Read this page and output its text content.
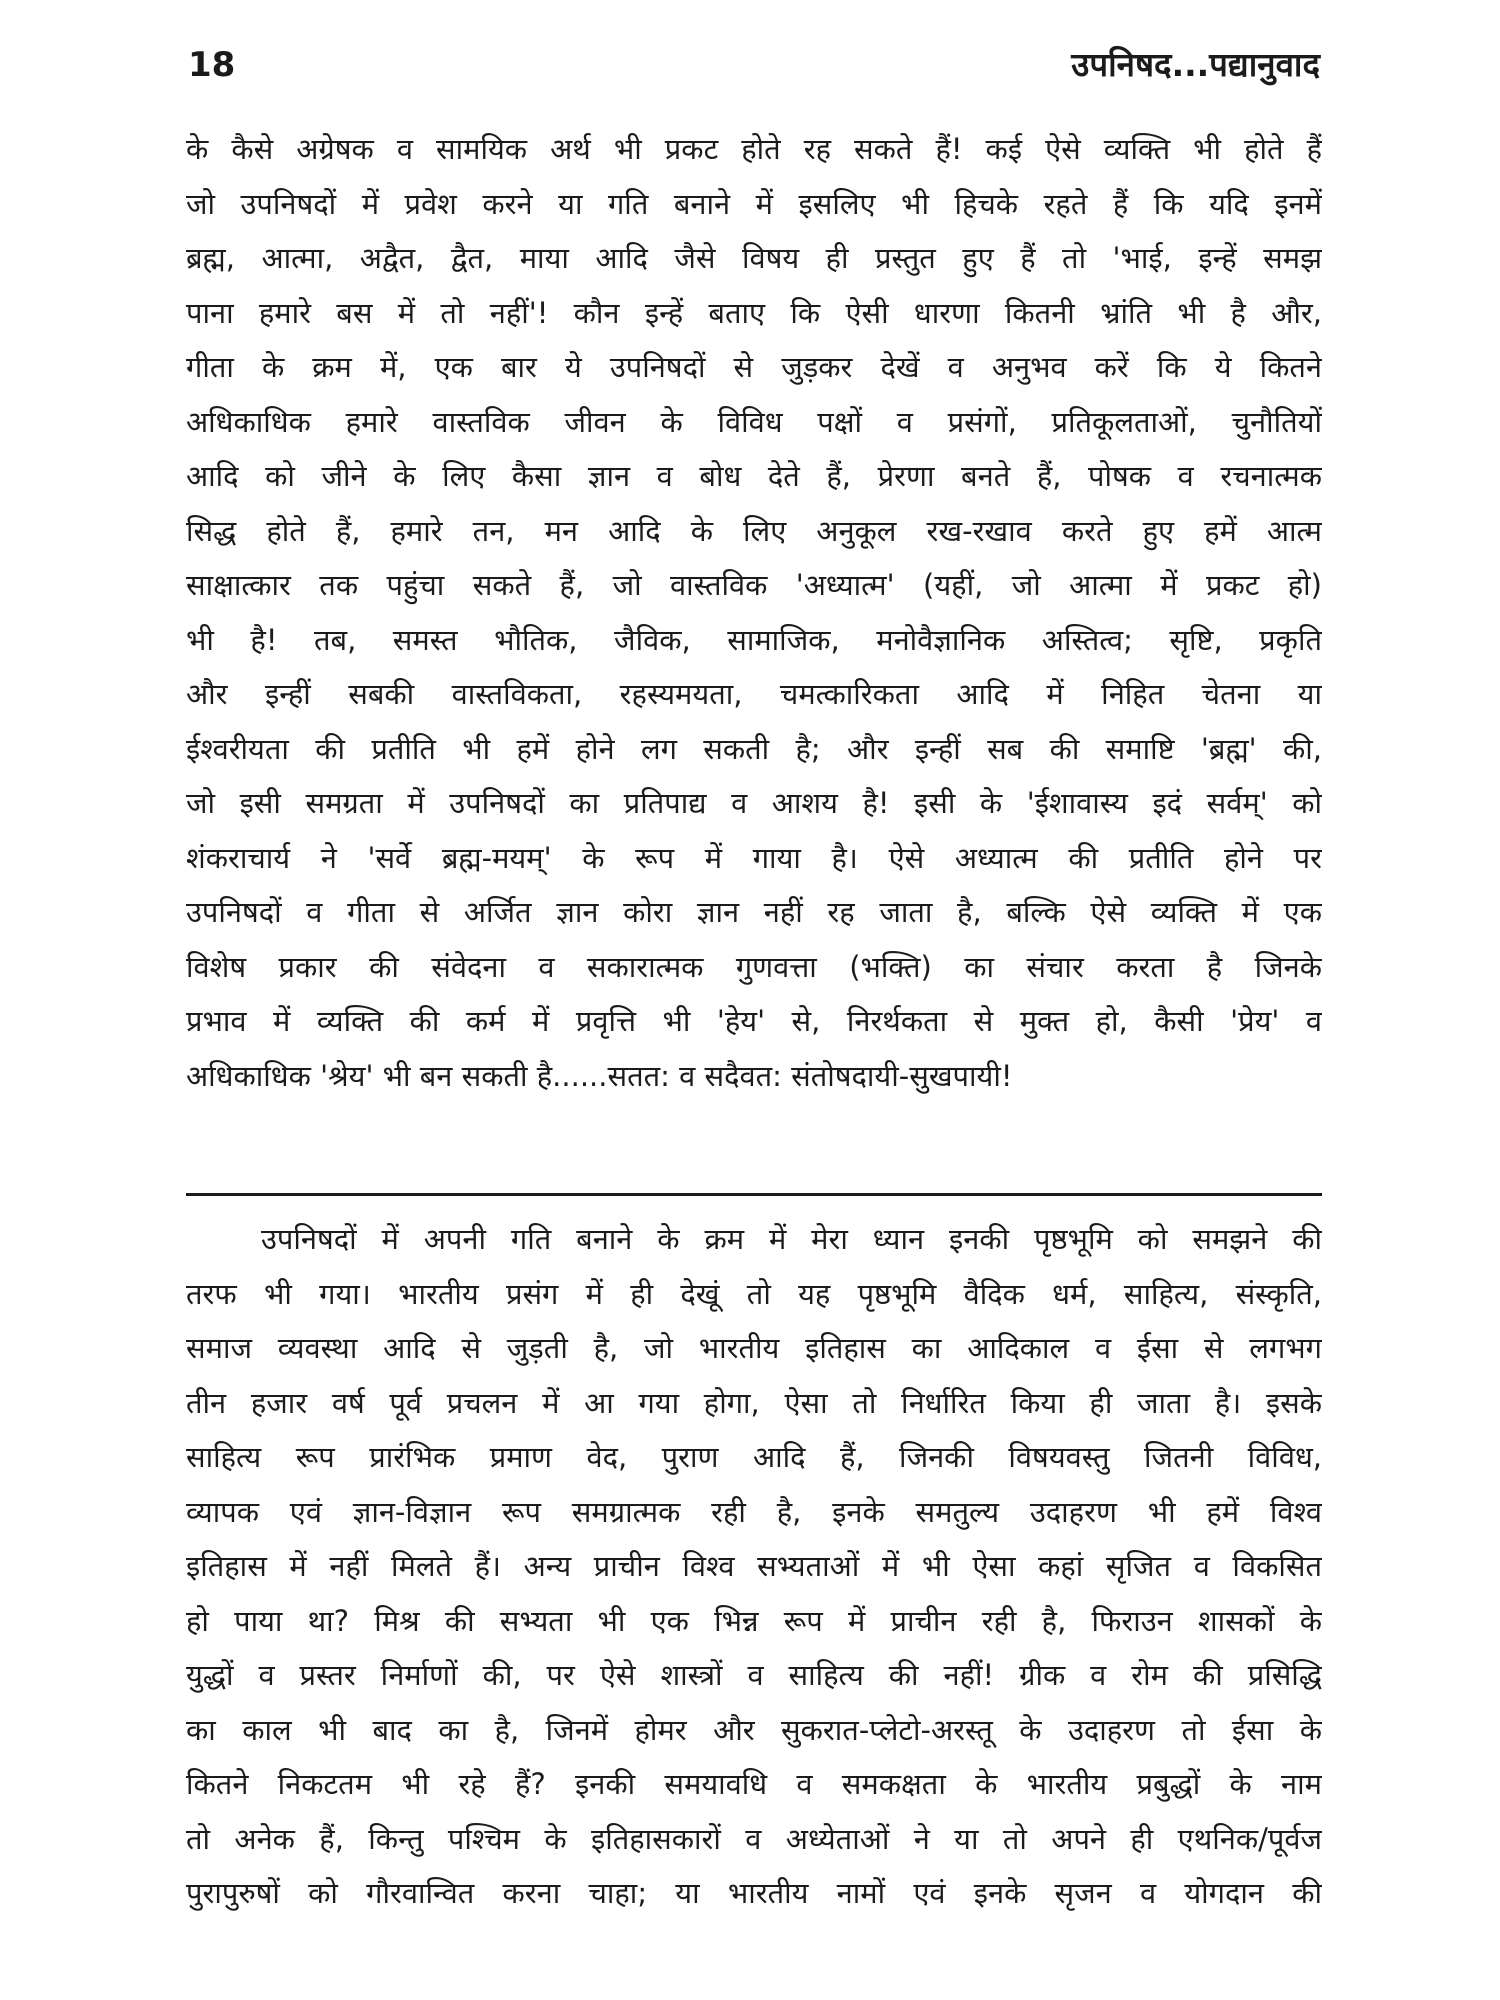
18	उपनिषद...पद्यानुवाद
के कैसे अग्रेषक व सामयिक अर्थ भी प्रकट होते रह सकते हैं! कई ऐसे व्यक्ति भी होते हैं
जो उपनिषदों में प्रवेश करने या गति बनाने में इसलिए भी हिचके रहते हैं कि यदि इनमें
ब्रह्म, आत्मा, अद्वैत, द्वैत, माया आदि जैसे विषय ही प्रस्तुत हुए हैं तो 'भाई, इन्हें समझ
पाना हमारे बस में तो नहीं'! कौन इन्हें बताए कि ऐसी धारणा कितनी भ्रांति भी है और,
गीता के क्रम में, एक बार ये उपनिषदों से जुड़कर देखें व अनुभव करें कि ये कितने
अधिकाधिक हमारे वास्तविक जीवन के विविध पक्षों व प्रसंगों, प्रतिकूलताओं, चुनौतियों
आदि को जीने के लिए कैसा ज्ञान व बोध देते हैं, प्रेरणा बनते हैं, पोषक व रचनात्मक
सिद्ध होते हैं, हमारे तन, मन आदि के लिए अनुकूल रख-रखाव करते हुए हमें आत्म
साक्षात्कार तक पहुंचा सकते हैं, जो वास्तविक 'अध्यात्म' (यहीं, जो आत्मा में प्रकट हो)
भी है! तब, समस्त भौतिक, जैविक, सामाजिक, मनोवैज्ञानिक अस्तित्व; सृष्टि, प्रकृति
और इन्हीं सबकी वास्तविकता, रहस्यमयता, चमत्कारिकता आदि में निहित चेतना या
ईश्वरीयता की प्रतीति भी हमें होने लग सकती है; और इन्हीं सब की समाष्टि 'ब्रह्म' की,
जो इसी समग्रता में उपनिषदों का प्रतिपाद्य व आशय है! इसी के 'ईशावास्य इदं सर्वम्' को
शंकराचार्य ने 'सर्वे ब्रह्म-मयम्' के रूप में गाया है। ऐसे अध्यात्म की प्रतीति होने पर
उपनिषदों व गीता से अर्जित ज्ञान कोरा ज्ञान नहीं रह जाता है, बल्कि ऐसे व्यक्ति में एक
विशेष प्रकार की संवेदना व सकारात्मक गुणवत्ता (भक्ति) का संचार करता है जिनके
प्रभाव में व्यक्ति की कर्म में प्रवृत्ति भी 'हेय' से, निरर्थकता से मुक्त हो, कैसी 'प्रेय' व
अधिकाधिक 'श्रेय' भी बन सकती है......सतत: व सदैवत: संतोषदायी-सुखपायी!
उपनिषदों में अपनी गति बनाने के क्रम में मेरा ध्यान इनकी पृष्ठभूमि को समझने की
तरफ भी गया। भारतीय प्रसंग में ही देखूं तो यह पृष्ठभूमि वैदिक धर्म, साहित्य, संस्कृति,
समाज व्यवस्था आदि से जुड़ती है, जो भारतीय इतिहास का आदिकाल व ईसा से लगभग
तीन हजार वर्ष पूर्व प्रचलन में आ गया होगा, ऐसा तो निर्धारित किया ही जाता है। इसके
साहित्य रूप प्रारंभिक प्रमाण वेद, पुराण आदि हैं, जिनकी विषयवस्तु जितनी विविध,
व्यापक एवं ज्ञान-विज्ञान रूप समग्रात्मक रही है, इनके समतुल्य उदाहरण भी हमें विश्व
इतिहास में नहीं मिलते हैं। अन्य प्राचीन विश्व सभ्यताओं में भी ऐसा कहां सृजित व विकसित
हो पाया था? मिश्र की सभ्यता भी एक भिन्न रूप में प्राचीन रही है, फिराउन शासकों के
युद्धों व प्रस्तर निर्माणों की, पर ऐसे शास्त्रों व साहित्य की नहीं! ग्रीक व रोम की प्रसिद्धि
का काल भी बाद का है, जिनमें होमर और सुकरात-प्लेटो-अरस्तू के उदाहरण तो ईसा के
कितने निकटतम भी रहे हैं? इनकी समयावधि व समकक्षता के भारतीय प्रबुद्धों के नाम
तो अनेक हैं, किन्तु पश्चिम के इतिहासकारों व अध्येताओं ने या तो अपने ही एथनिक/पूर्वज
पुरापुरुषों को गौरवान्वित करना चाहा; या भारतीय नामों एवं इनके सृजन व योगदान की
